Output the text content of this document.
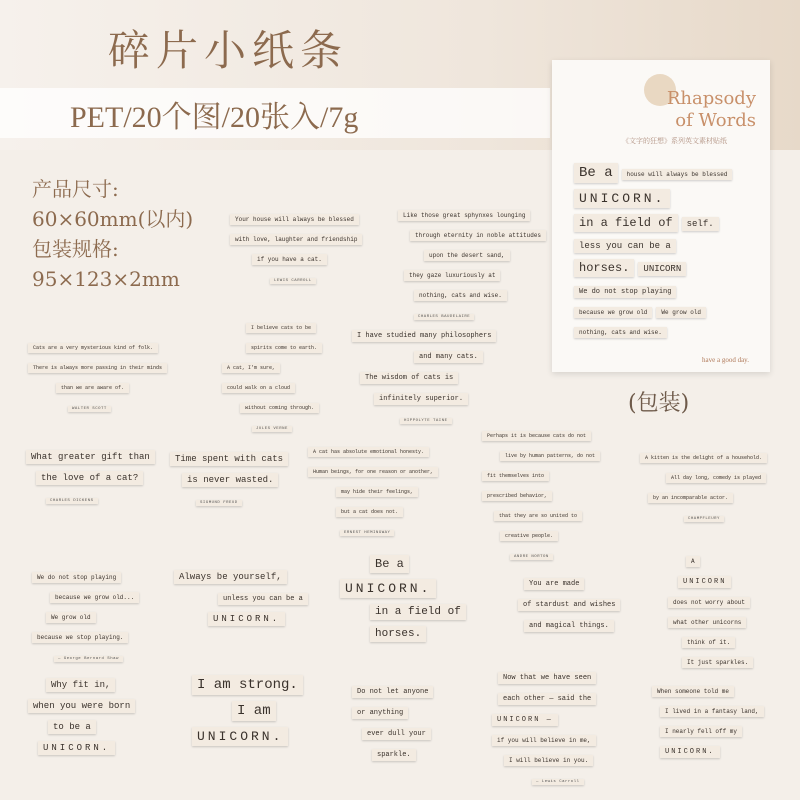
碎片小纸条
PET/20个图/20张入/7g
产品尺寸:
60×60mm(以内)
包装规格:
95×123×2mm
Rhapsody
of Words
《文字的狂想》系列英文素材贴纸
Be a house will always be blessed
UNICORN.
in a field of self.
less you can be a
horses. UNICORN
We do not stop playing
because we grow old We grow old
nothing, cats and wise.
have a good day.
(包装)
Your house will always be blessed
with love, laughter and friendship
if you have a cat.
LEWIS CARROLL
Like those great sphynxes lounging
through eternity in noble attitudes
upon the desert sand,
they gaze luxuriously at
nothing, cats and wise.
CHARLES BAUDELAIRE
Cats are a very mysterious kind of folk.
There is always more passing in their minds
than we are aware of.
WALTER SCOTT
I believe cats to be
spirits come to earth.
A cat, I'm sure,
could walk on a cloud
without coming through.
JULES VERNE
I have studied many philosophers
and many cats.
The wisdom of cats is
infinitely superior.
HIPPOLYTE TAINE
What greater gift than
the love of a cat?
CHARLES DICKENS
Time spent with cats
is never wasted.
SIGMUND FREUD
A cat has absolute emotional honesty.
Human beings, for one reason or another,
may hide their feelings,
but a cat does not.
ERNEST HEMINGWAY
Perhaps it is because cats do not
live by human patterns, do not
fit themselves into
prescribed behavior,
that they are so united to
creative people.
ANDRE NORTON
A kitten is the delight of a household.
All day long, comedy is played
by an incomparable actor.
CHAMPFLEURY
We do not stop playing
because we grow old...
We grow old
because we stop playing.
— George Bernard Shaw
Always be yourself,
unless you can be a
UNICORN.
Be a
UNICORN.
in a field of
horses.
You are made
of stardust and wishes
and magical things.
A
UNICORN
does not worry about
what other unicorns
think of it.
It just sparkles.
Why fit in,
when you were born
to be a
UNICORN.
I am strong.
I am
UNICORN.
Do not let anyone
or anything
ever dull your
sparkle.
Now that we have seen
each other — said the
UNICORN —
if you will believe in me,
I will believe in you.
— Lewis Carroll
When someone told me
I lived in a fantasy land,
I nearly fell off my
UNICORN.
